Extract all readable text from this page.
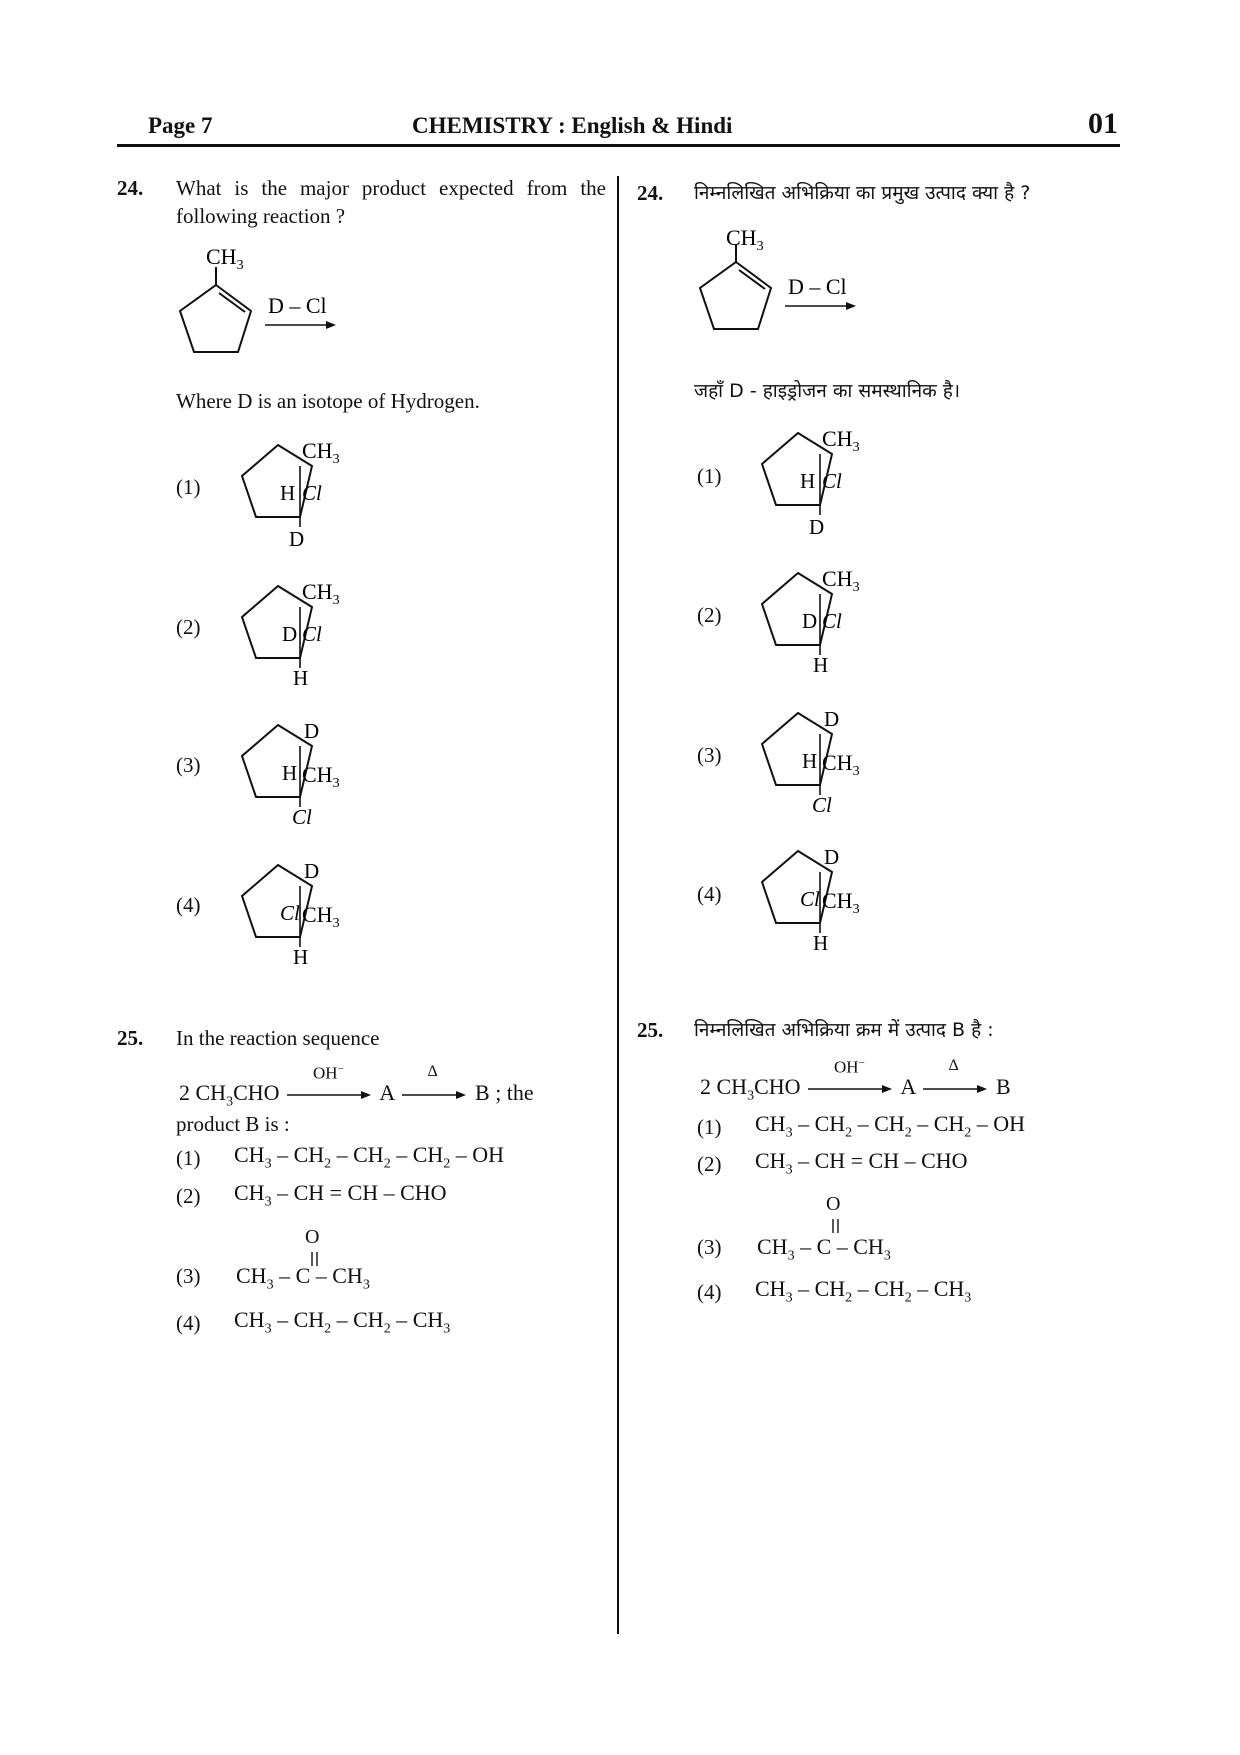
Page 7	CHEMISTRY : English & Hindi	01
24. What is the major product expected from the following reaction ?
$CH_3$
D – Cl
Where D is an isotope of Hydrogen.
(1)
$CH_3$
H Cl
D
(2)
$CH_3$
D Cl
H
(3)
D
H $CH_3$
Cl
(4)
D
Cl $CH_3$
H
25. In the reaction sequence
2 $CH_3CHO$
OH−
A
Δ
B ; the
product B is :
(1) $CH_3 - CH_2 - CH_2 - CH_2$ – OH
(2) $CH_3$ – CH = CH – CHO
O
(3) $CH_3$ – C – $CH_3$
(4) $CH_3 - CH_2 - CH_2 - CH_3$
24. निम्नलिखित अभिक्रिया का प्रमुख उत्पाद क्या है ?
$CH_3$
D – Cl
जहाँ D - हाइड्रोजन का समस्थानिक है।
(1)
$CH_3$
H Cl
D
(2)
$CH_3$
D Cl
H
(3)
D
H $CH_3$
Cl
(4)
D
Cl $CH_3$
H
25. निम्नलिखित अभिक्रिया क्रम में उत्पाद B है :
2 $CH_3CHO$
OH−
A
Δ
B
(1) $CH_3 - CH_2 - CH_2 - CH_2$ – OH
(2) $CH_3$ – CH = CH – CHO
O
(3) $CH_3$ – C – $CH_3$
(4) $CH_3 - CH_2 - CH_2 - CH_3$
